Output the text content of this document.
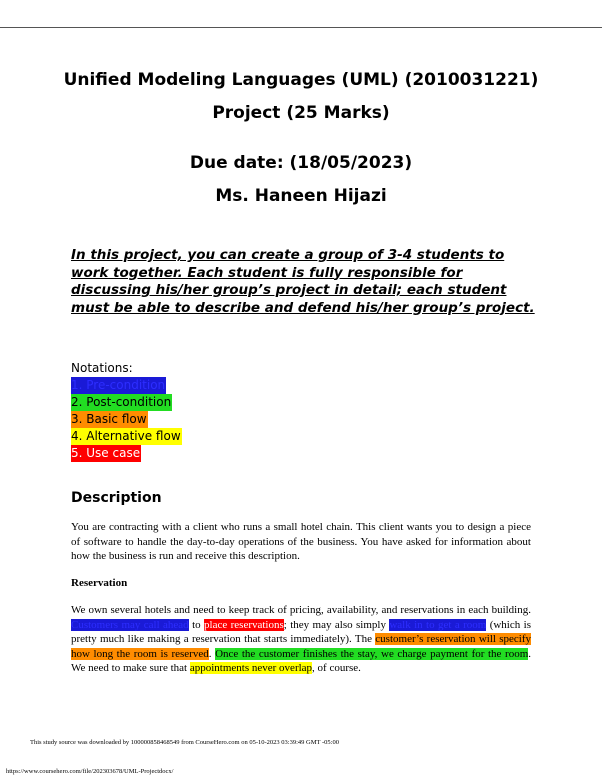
Unified Modeling Languages (UML) (2010031221)
Project (25 Marks)
Due date: (18/05/2023)
Ms. Haneen Hijazi

In this project, you can create a group of 3-4 students to work together. Each student is fully responsible for discussing his/her group’s project in detail; each student must be able to describe and defend his/her group’s project.

Notations:
1. Pre-condition
2. Post-condition
3. Basic flow
4. Alternative flow
5. Use case
Description

You are contracting with a client who runs a small hotel chain. This client wants you to design a piece of software to handle the day-to-day operations of the business. You have asked for information about how the business is run and receive this description.

Reservation

We own several hotels and need to keep track of pricing, availability, and reservations in each building. Customers may call ahead to place reservations; they may also simply walk in to get a room (which is pretty much like making a reservation that starts immediately). The customer’s reservation will specify how long the room is reserved. Once the customer finishes the stay, we charge payment for the room. We need to make sure that appointments never overlap, of course.

This study source was downloaded by 100000858468549 from CourseHero.com on 05-10-2023 03:39:49 GMT -05:00
https://www.coursehero.com/file/202303678/UML-Projectdocx/
